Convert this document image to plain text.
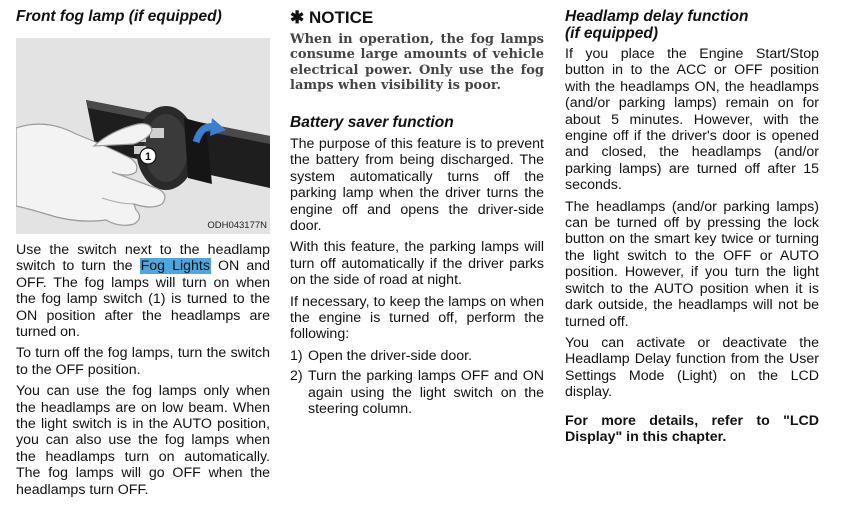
Front fog lamp (if equipped)
1
ODH043177N

Use the switch next to the headlamp switch to turn the Fog Lights ON and OFF. The fog lamps will turn on when the fog lamp switch (1) is turned to the ON position after the headlamps are turned on.

To turn off the fog lamps, turn the switch to the OFF position.

You can use the fog lamps only when the headlamps are on low beam. When the light switch is in the AUTO position, you can also use the fog lamps when the headlamps turn on automatically. The fog lamps will go OFF when the headlamps turn OFF.

✱ NOTICE
When in operation, the fog lamps consume large amounts of vehicle electrical power. Only use the fog lamps when visibility is poor.
Battery saver function

The purpose of this feature is to prevent the battery from being discharged. The system automatically turns off the parking lamp when the driver turns the engine off and opens the driver-side door.

With this feature, the parking lamps will turn off automatically if the driver parks on the side of road at night.

If necessary, to keep the lamps on when the engine is turned off, perform the following:

1) Open the driver-side door.
2) Turn the parking lamps OFF and ON again using the light switch on the steering column.
Headlamp delay function
(if equipped)

If you place the Engine Start/Stop button in to the ACC or OFF position with the headlamps ON, the headlamps (and/or parking lamps) remain on for about 5 minutes. However, with the engine off if the driver's door is opened and closed, the headlamps (and/or parking lamps) are turned off after 15 seconds.

The headlamps (and/or parking lamps) can be turned off by pressing the lock button on the smart key twice or turning the light switch to the OFF or AUTO position. However, if you turn the light switch to the AUTO position when it is dark outside, the headlamps will not be turned off.

You can activate or deactivate the Headlamp Delay function from the User Settings Mode (Light) on the LCD display.

For more details, refer to "LCD Display" in this chapter.
